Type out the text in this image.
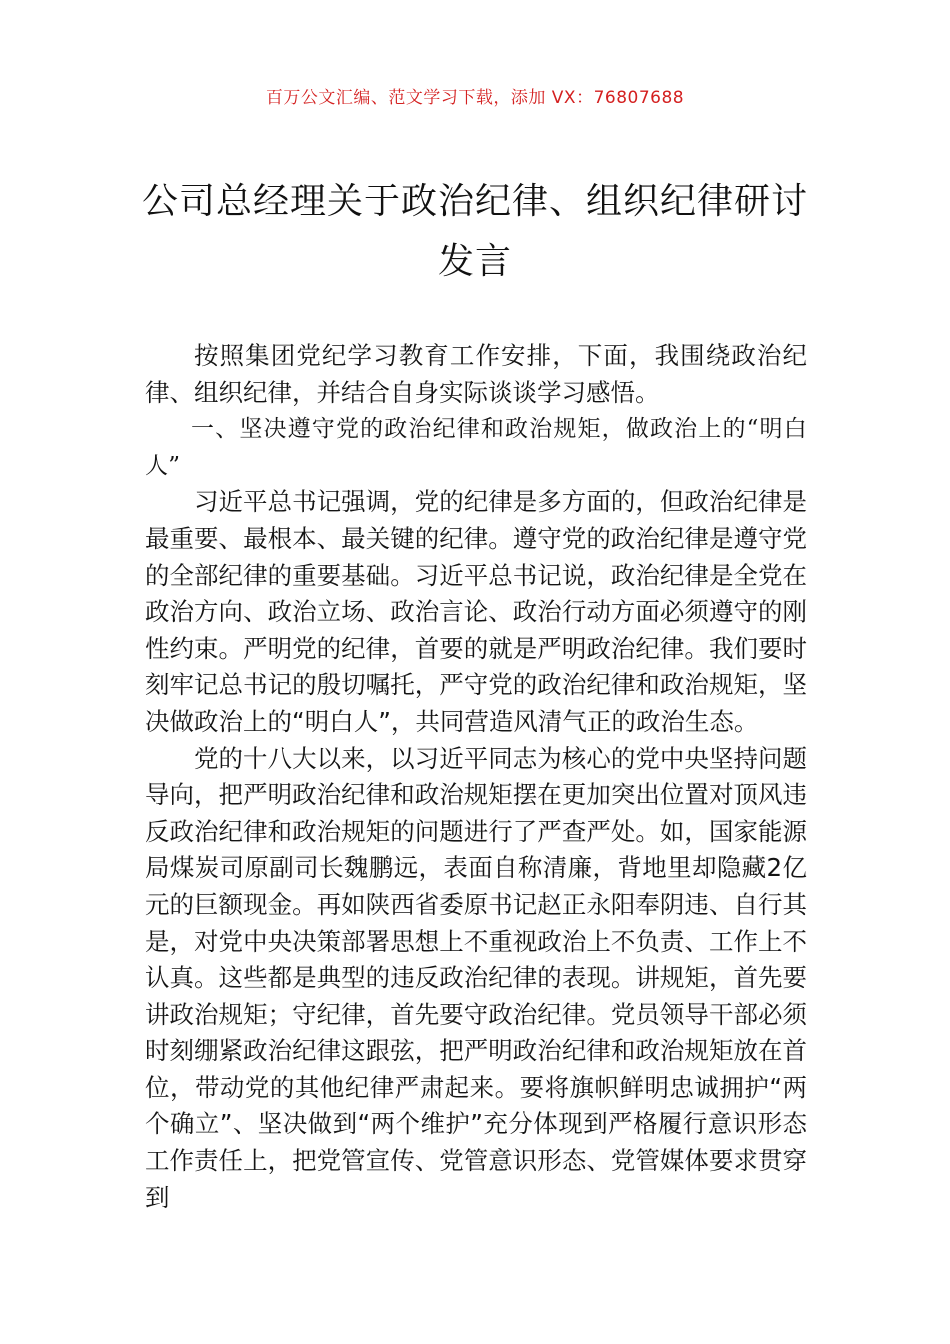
百万公文汇编、范文学习下载，添加 VX：76807688
公司总经理关于政治纪律、组织纪律研讨发言

按照集团党纪学习教育工作安排，下面，我围绕政治纪律、组织纪律，并结合自身实际谈谈学习感悟。

一、坚决遵守党的政治纪律和政治规矩，做政治上的“明白人”

习近平总书记强调，党的纪律是多方面的，但政治纪律是最重要、最根本、最关键的纪律。遵守党的政治纪律是遵守党的全部纪律的重要基础。习近平总书记说，政治纪律是全党在政治方向、政治立场、政治言论、政治行动方面必须遵守的刚性约束。严明党的纪律，首要的就是严明政治纪律。我们要时刻牢记总书记的殷切嘱托，严守党的政治纪律和政治规矩，坚决做政治上的“明白人”，共同营造风清气正的政治生态。

党的十八大以来，以习近平同志为核心的党中央坚持问题导向，把严明政治纪律和政治规矩摆在更加突出位置对顶风违反政治纪律和政治规矩的问题进行了严查严处。如，国家能源局煤炭司原副司长魏鹏远，表面自称清廉，背地里却隐藏2亿元的巨额现金。再如陕西省委原书记赵正永阳奉阴违、自行其是，对党中央决策部署思想上不重视政治上不负责、工作上不认真。这些都是典型的违反政治纪律的表现。讲规矩，首先要讲政治规矩；守纪律，首先要守政治纪律。党员领导干部必须时刻绷紧政治纪律这跟弦，把严明政治纪律和政治规矩放在首位，带动党的其他纪律严肃起来。要将旗帜鲜明忠诚拥护“两个确立”、坚决做到“两个维护”充分体现到严格履行意识形态工作责任上，把党管宣传、党管意识形态、党管媒体要求贯穿到
